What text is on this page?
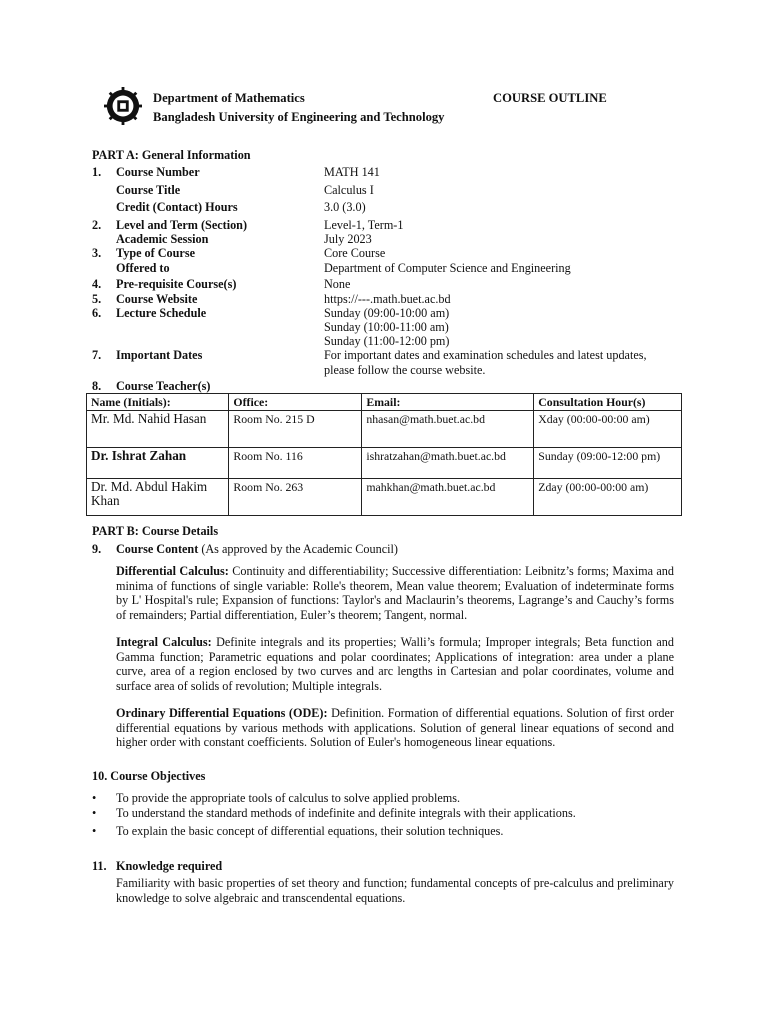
Department of Mathematics
Bangladesh University of Engineering and Technology
COURSE OUTLINE
PART A: General Information
1. Course Number	MATH 141
Course Title	Calculus I
Credit (Contact) Hours	3.0 (3.0)
2. Level and Term (Section)	Level-1, Term-1
Academic Session	July 2023
3. Type of Course	Core Course
Offered to	Department of Computer Science and Engineering
4. Pre-requisite Course(s)	None
5. Course Website	https://---.math.buet.ac.bd
6. Lecture Schedule	Sunday (09:00-10:00 am)
Sunday (10:00-11:00 am)
Sunday (11:00-12:00 pm)
7. Important Dates	For important dates and examination schedules and latest updates,
please follow the course website.
8. Course Teacher(s)
Name (Initials):	Office:	Email:	Consultation Hour(s)
Mr. Md. Nahid Hasan	Room No. 215 D	nhasan@math.buet.ac.bd	Xday (00:00-00:00 am)
Dr. Ishrat Zahan	Room No. 116	ishratzahan@math.buet.ac.bd	Sunday (09:00-12:00 pm)
Dr. Md. Abdul Hakim Khan	Room No. 263	mahkhan@math.buet.ac.bd	Zday (00:00-00:00 am)
PART B: Course Details
9. Course Content (As approved by the Academic Council)
Differential Calculus: Continuity and differentiability; Successive differentiation: Leibnitz’s forms; Maxima and minima of functions of single variable: Rolle's theorem, Mean value theorem; Evaluation of indeterminate forms by L' Hospital's rule; Expansion of functions: Taylor's and Maclaurin’s theorems, Lagrange’s and Cauchy’s forms of remainders; Partial differentiation, Euler’s theorem; Tangent, normal.
Integral Calculus: Definite integrals and its properties; Walli’s formula; Improper integrals; Beta function and Gamma function; Parametric equations and polar coordinates; Applications of integration: area under a plane curve, area of a region enclosed by two curves and arc lengths in Cartesian and polar coordinates, volume and surface area of solids of revolution; Multiple integrals.
Ordinary Differential Equations (ODE): Definition. Formation of differential equations. Solution of first order differential equations by various methods with applications. Solution of general linear equations of second and higher order with constant coefficients. Solution of Euler's homogeneous linear equations.
10. Course Objectives
• To provide the appropriate tools of calculus to solve applied problems.
• To understand the standard methods of indefinite and definite integrals with their applications.
• To explain the basic concept of differential equations, their solution techniques.
11. Knowledge required
Familiarity with basic properties of set theory and function; fundamental concepts of pre-calculus and preliminary knowledge to solve algebraic and transcendental equations.
